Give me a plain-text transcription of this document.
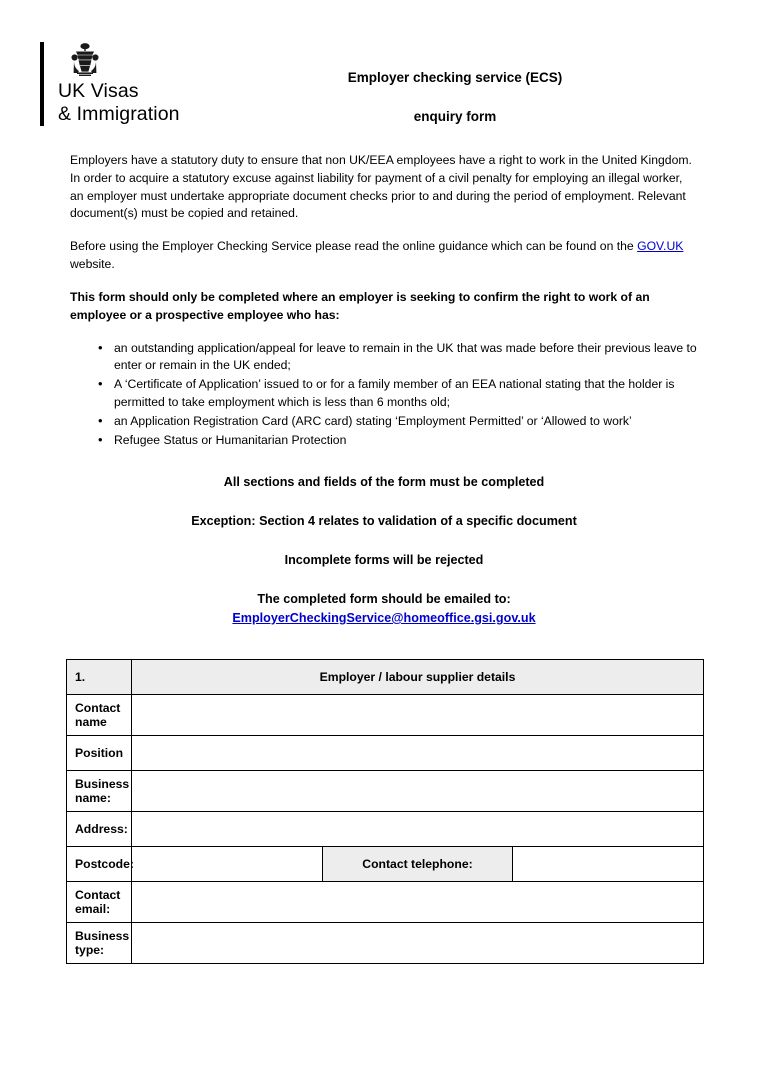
UK Visas
& Immigration

Employer checking service (ECS)

enquiry form

Employers have a statutory duty to ensure that non UK/EEA employees have a right to work in the United Kingdom. In order to acquire a statutory excuse against liability for payment of a civil penalty for employing an illegal worker, an employer must undertake appropriate document checks prior to and during the period of employment. Relevant document(s) must be copied and retained.

Before using the Employer Checking Service please read the online guidance which can be found on the GOV.UK website.

This form should only be completed where an employer is seeking to confirm the right to work of an employee or a prospective employee who has:

• an outstanding application/appeal for leave to remain in the UK that was made before their previous leave to enter or remain in the UK ended;
• A ‘Certificate of Application’ issued to or for a family member of an EEA national stating that the holder is permitted to take employment which is less than 6 months old;
• an Application Registration Card (ARC card) stating ‘Employment Permitted’ or ‘Allowed to work’
• Refugee Status or Humanitarian Protection

All sections and fields of the form must be completed

Exception: Section 4 relates to validation of a specific document

Incomplete forms will be rejected

The completed form should be emailed to:

EmployerCheckingService@homeoffice.gsi.gov.uk

1.	Employer / labour supplier details		
Contact name			
Position			
Business name:			
Address:			
Postcode:		Contact telephone:	
Contact email:			
Business type:			
